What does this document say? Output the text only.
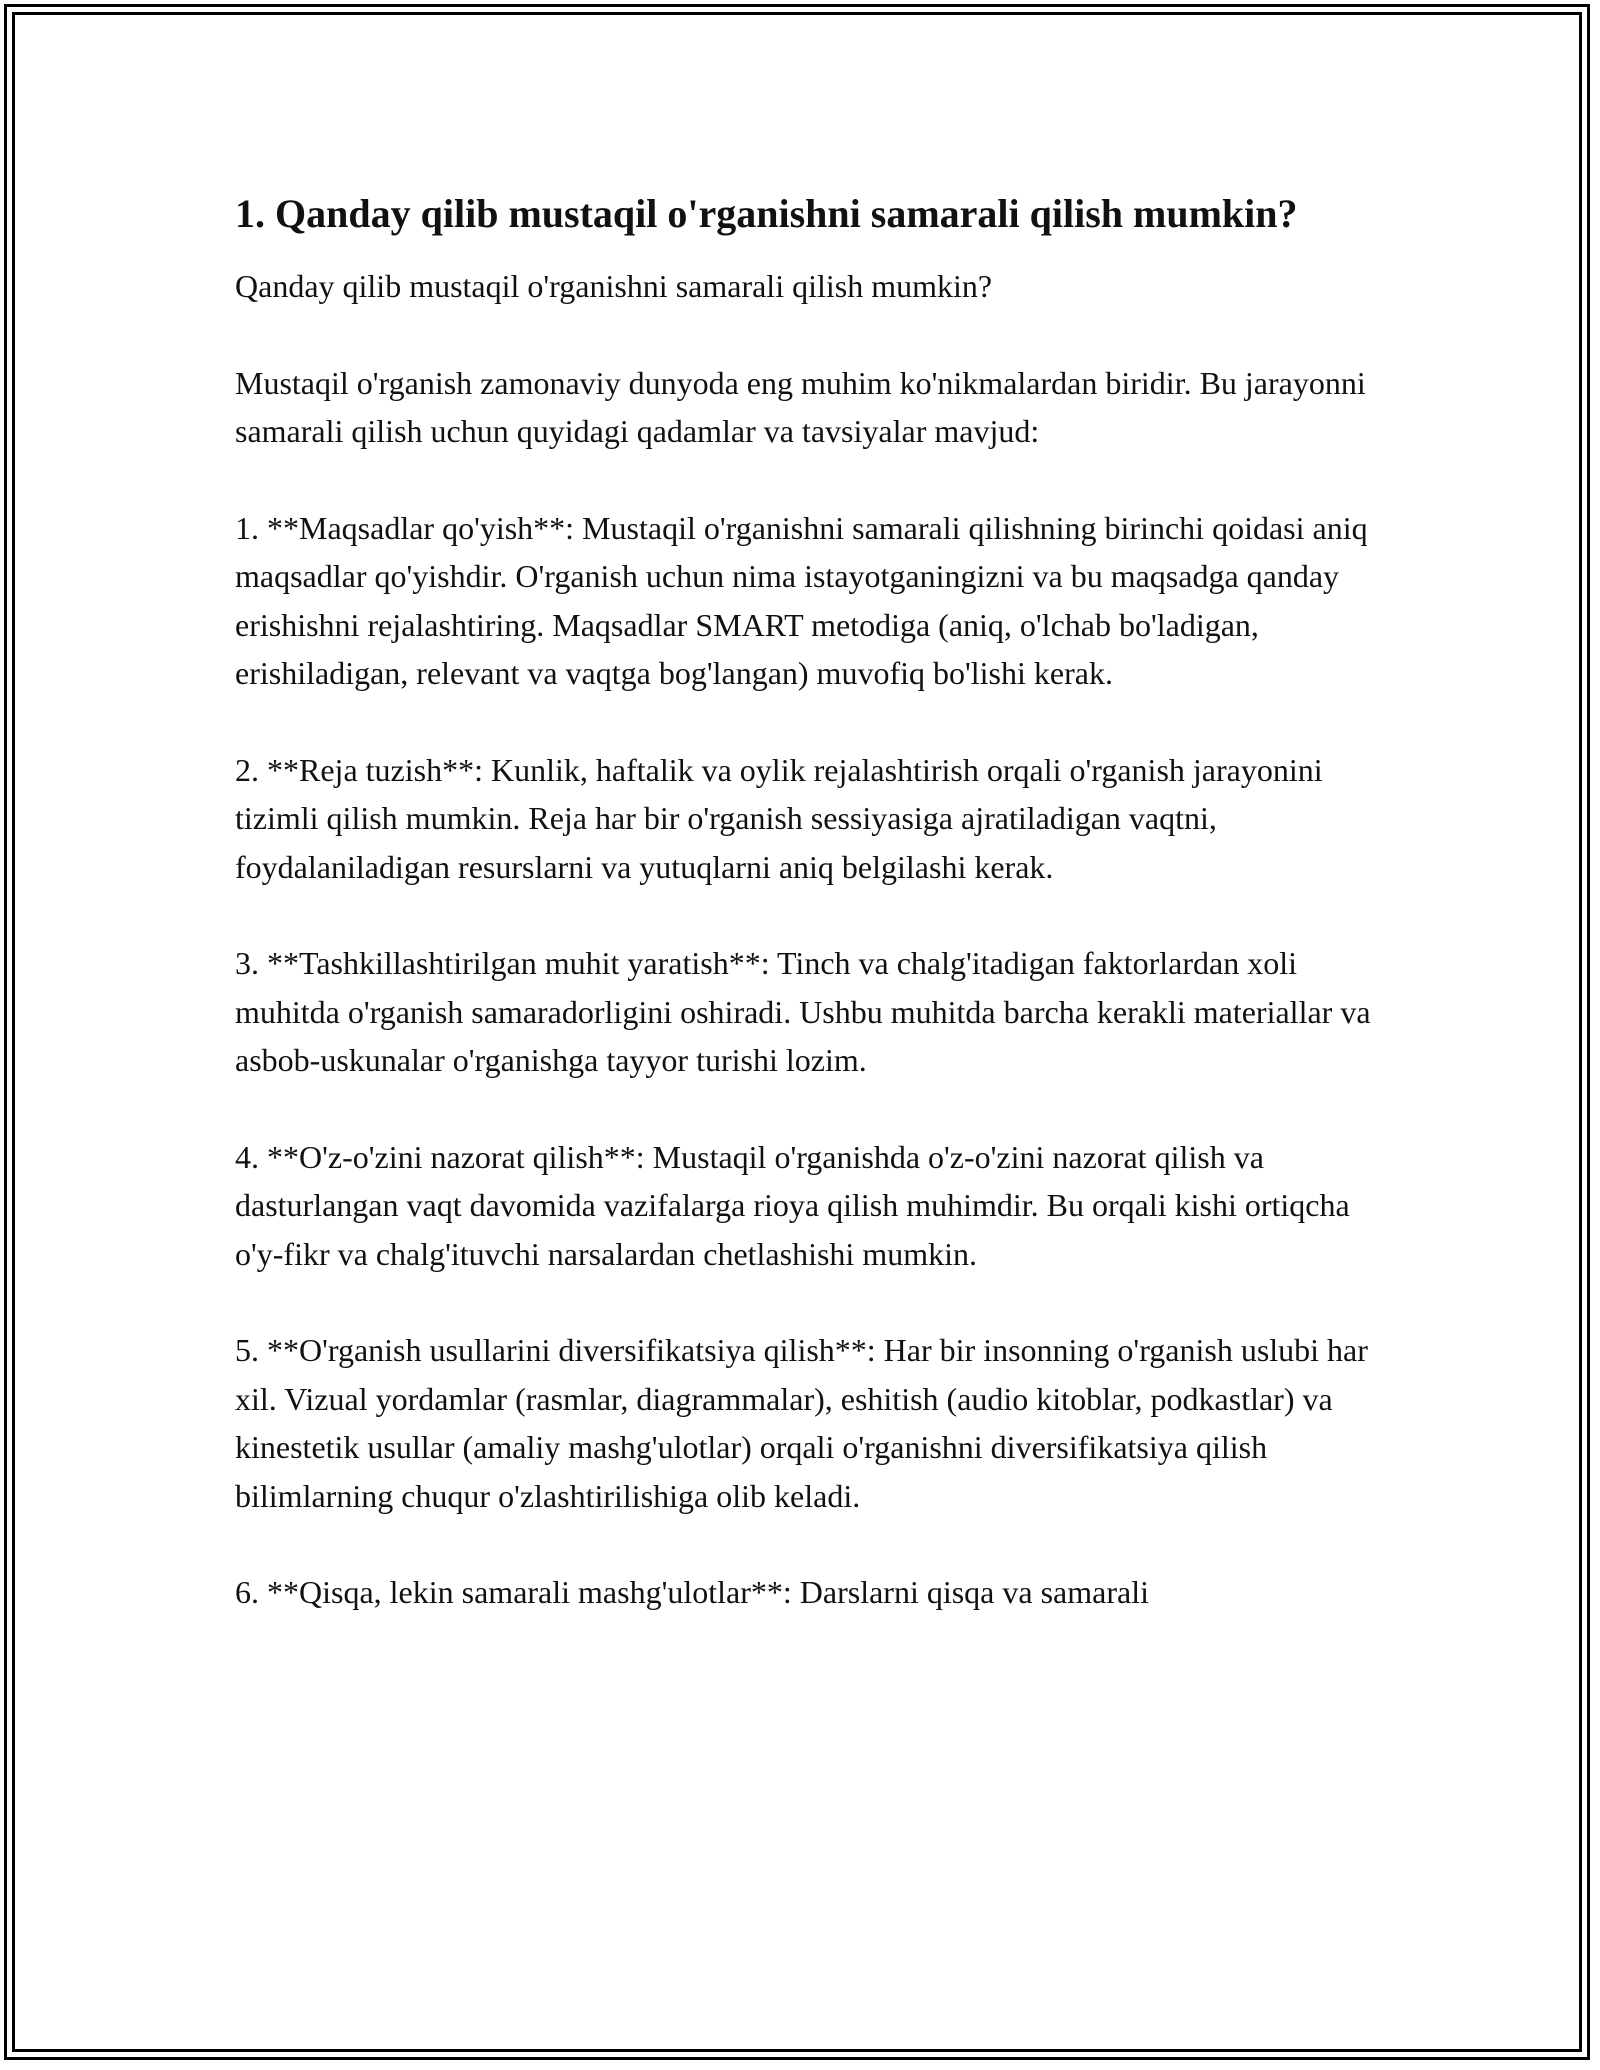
1. Qanday qilib mustaqil o'rganishni samarali qilish mumkin?

Qanday qilib mustaqil o'rganishni samarali qilish mumkin?

Mustaqil o'rganish zamonaviy dunyoda eng muhim ko'nikmalardan biridir. Bu jarayonni samarali qilish uchun quyidagi qadamlar va tavsiyalar mavjud:

1. **Maqsadlar qo'yish**: Mustaqil o'rganishni samarali qilishning birinchi qoidasi aniq maqsadlar qo'yishdir. O'rganish uchun nima istayotganingizni va bu maqsadga qanday erishishni rejalashtiring. Maqsadlar SMART metodiga (aniq, o'lchab bo'ladigan, erishiladigan, relevant va vaqtga bog'langan) muvofiq bo'lishi kerak.

2. **Reja tuzish**: Kunlik, haftalik va oylik rejalashtirish orqali o'rganish jarayonini tizimli qilish mumkin. Reja har bir o'rganish sessiyasiga ajratiladigan vaqtni, foydalaniladigan resurslarni va yutuqlarni aniq belgilashi kerak.

3. **Tashkillashtirilgan muhit yaratish**: Tinch va chalg'itadigan faktorlardan xoli muhitda o'rganish samaradorligini oshiradi. Ushbu muhitda barcha kerakli materiallar va asbob-uskunalar o'rganishga tayyor turishi lozim.

4. **O'z-o'zini nazorat qilish**: Mustaqil o'rganishda o'z-o'zini nazorat qilish va dasturlangan vaqt davomida vazifalarga rioya qilish muhimdir. Bu orqali kishi ortiqcha o'y-fikr va chalg'ituvchi narsalardan chetlashishi mumkin.

5. **O'rganish usullarini diversifikatsiya qilish**: Har bir insonning o'rganish uslubi har xil. Vizual yordamlar (rasmlar, diagrammalar), eshitish (audio kitoblar, podkastlar) va kinestetik usullar (amaliy mashg'ulotlar) orqali o'rganishni diversifikatsiya qilish bilimlarning chuqur o'zlashtirilishiga olib keladi.

6. **Qisqa, lekin samarali mashg'ulotlar**: Darslarni qisqa va samarali
